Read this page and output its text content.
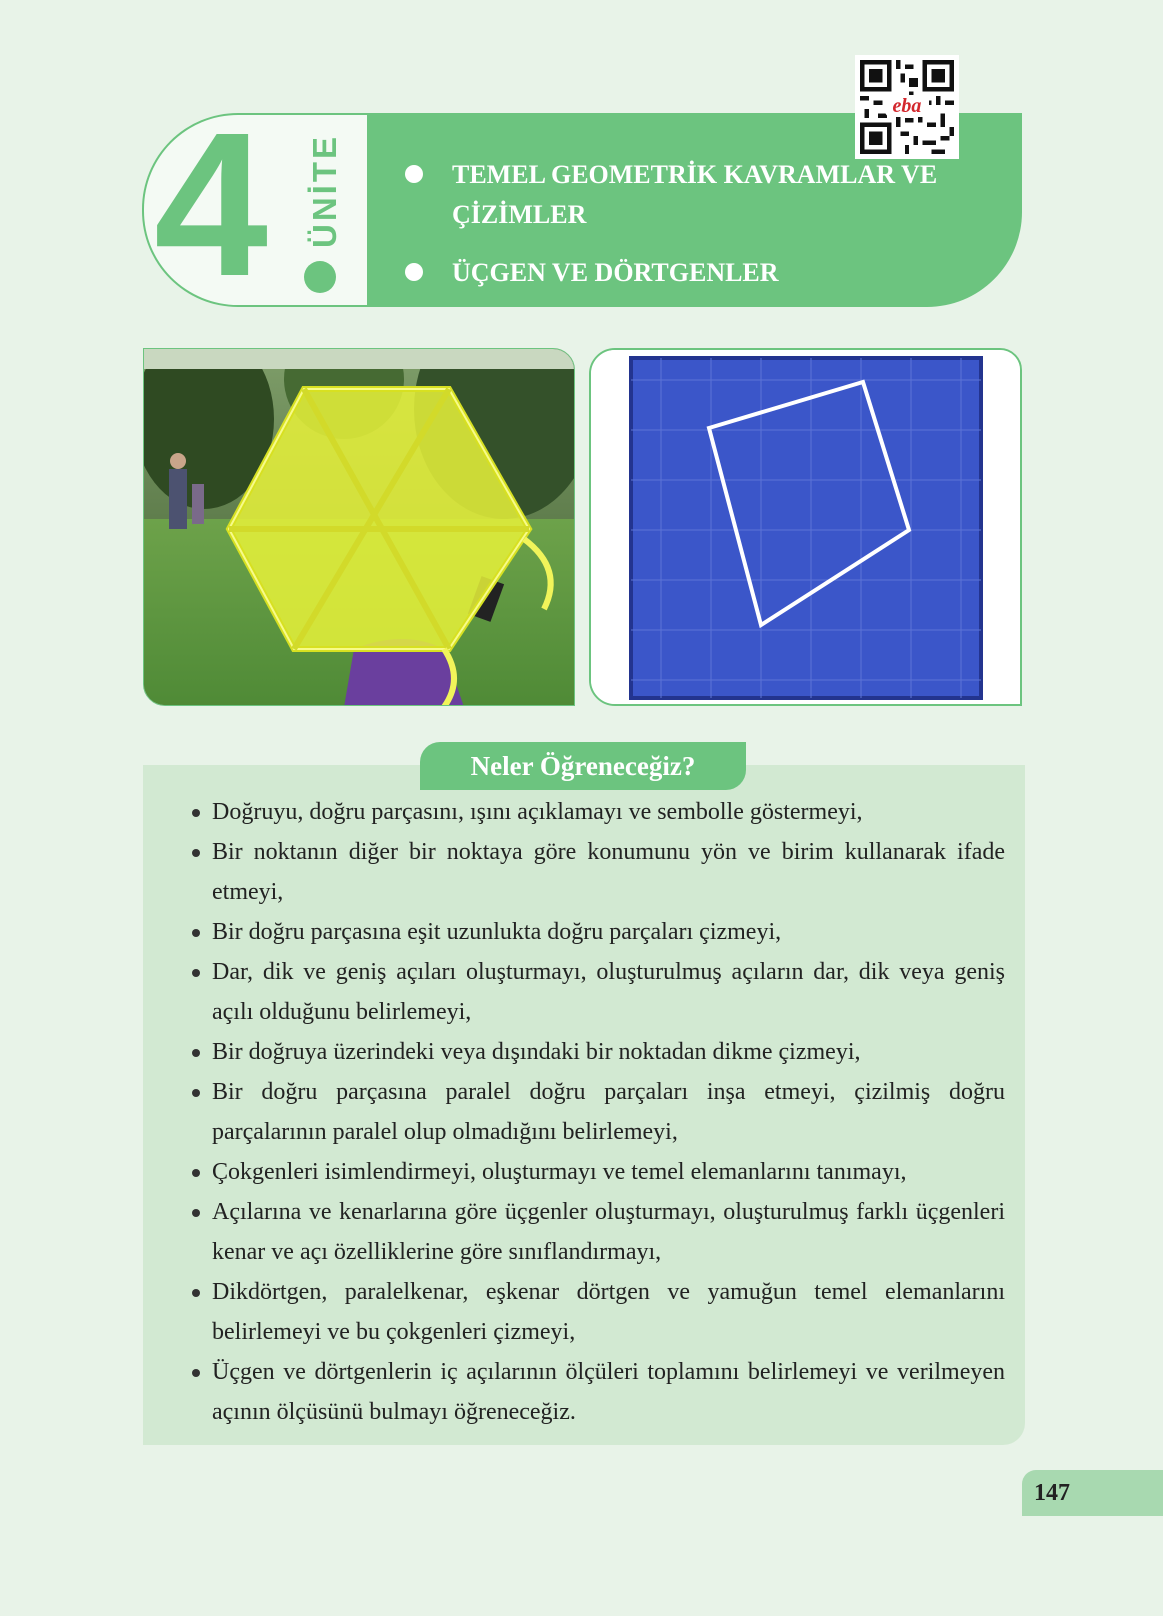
4 ÜNİTE	TEMEL GEOMETRİK KAVRAMLAR VE ÇİZİMLER
ÜÇGEN VE DÖRTGENLER
eba
Neler Öğreneceğiz?
Doğruyu, doğru parçasını, ışını açıklamayı ve sembolle göstermeyi,
Bir noktanın diğer bir noktaya göre konumunu yön ve birim kullanarak ifade etmeyi,
Bir doğru parçasına eşit uzunlukta doğru parçaları çizmeyi,
Dar, dik ve geniş açıları oluşturmayı, oluşturulmuş açıların dar, dik veya geniş açılı olduğunu belirlemeyi,
Bir doğruya üzerindeki veya dışındaki bir noktadan dikme çizmeyi,
Bir doğru parçasına paralel doğru parçaları inşa etmeyi, çizilmiş doğru parçalarının paralel olup olmadığını belirlemeyi,
Çokgenleri isimlendirmeyi, oluşturmayı ve temel elemanlarını tanımayı,
Açılarına ve kenarlarına göre üçgenler oluşturmayı, oluşturulmuş farklı üçgenleri kenar ve açı özelliklerine göre sınıflandırmayı,
Dikdörtgen, paralelkenar, eşkenar dörtgen ve yamuğun temel elemanlarını belirlemeyi ve bu çokgenleri çizmeyi,
Üçgen ve dörtgenlerin iç açılarının ölçüleri toplamını belirlemeyi ve verilmeyen açının ölçüsünü bulmayı öğreneceğiz.
147
